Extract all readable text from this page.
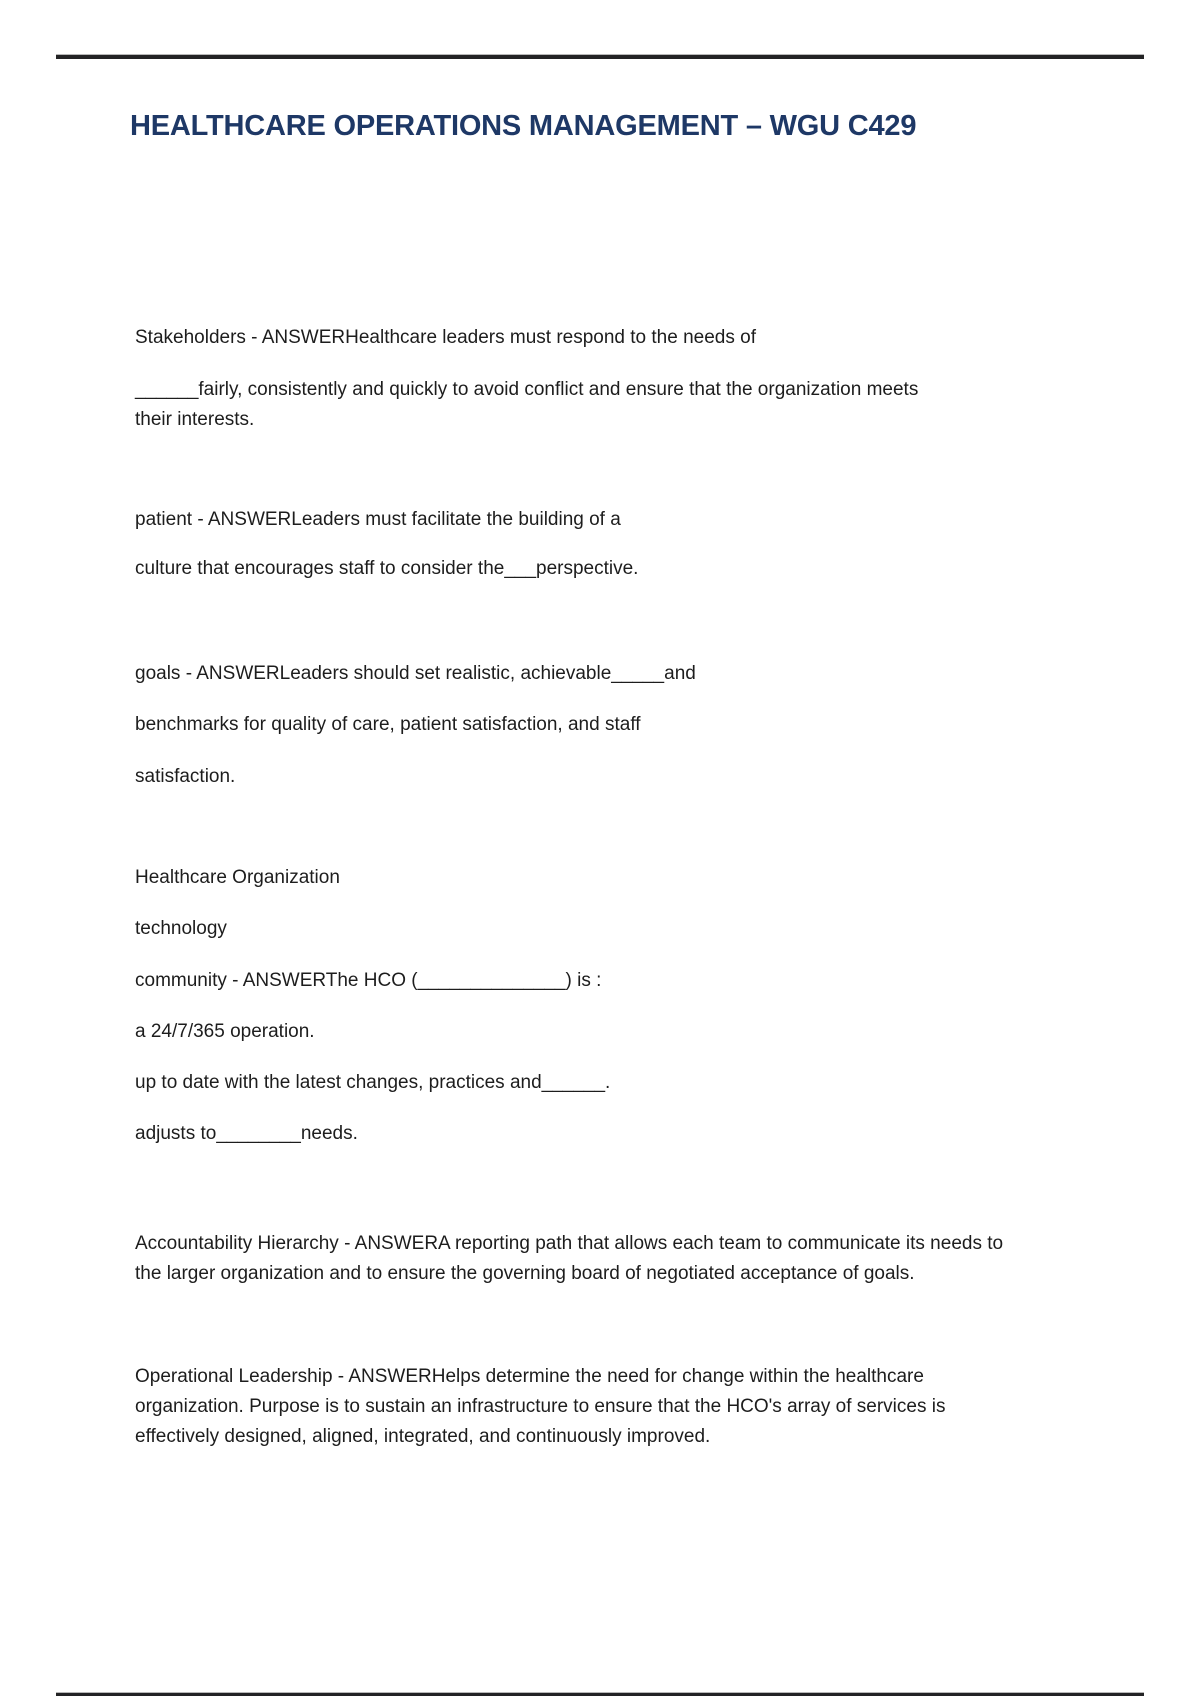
HEALTHCARE OPERATIONS MANAGEMENT – WGU C429
Stakeholders - ANSWERHealthcare leaders must respond to the needs of
______fairly, consistently and quickly to avoid conflict and ensure that the organization meets
their interests.
patient - ANSWERLeaders must facilitate the building of a
culture that encourages staff to consider the___perspective.
goals - ANSWERLeaders should set realistic, achievable_____and
benchmarks for quality of care, patient satisfaction, and staff
satisfaction.
Healthcare Organization
technology
community - ANSWERThe HCO (______________) is :
a 24/7/365 operation.
up to date with the latest changes, practices and______.
adjusts to________needs.
Accountability Hierarchy - ANSWERA reporting path that allows each team to communicate its needs to
the larger organization and to ensure the governing board of negotiated acceptance of goals.
Operational Leadership - ANSWERHelps determine the need for change within the healthcare
organization. Purpose is to sustain an infrastructure to ensure that the HCO's array of services is
effectively designed, aligned, integrated, and continuously improved.
